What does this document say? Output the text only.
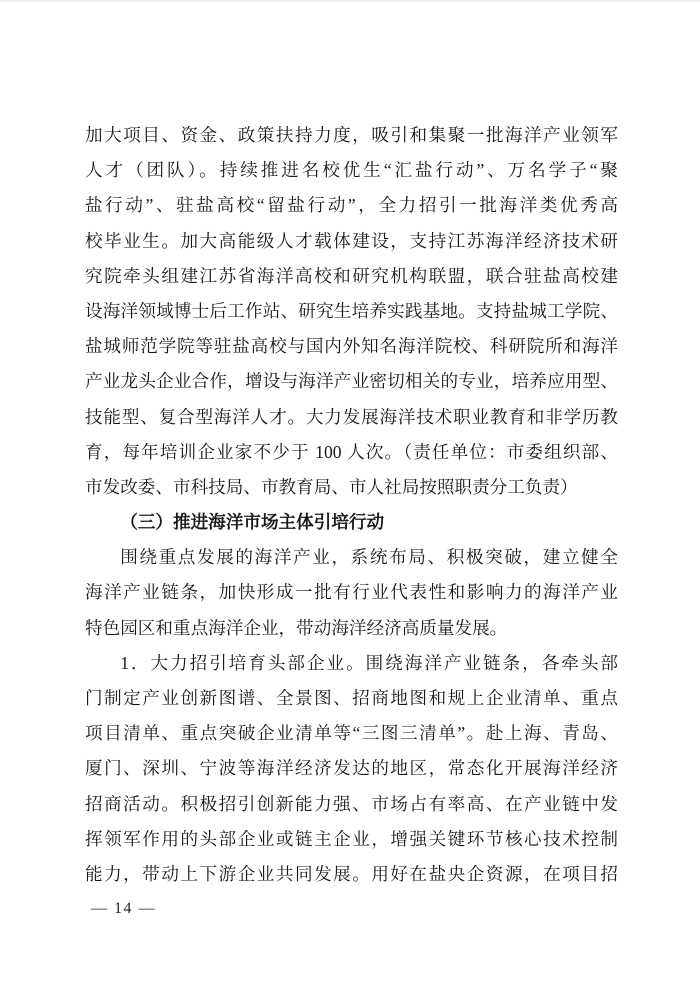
加大项目、资金、政策扶持力度，吸引和集聚一批海洋产业领军
人才（团队）。持续推进名校优生“汇盐行动”、万名学子“聚
盐行动”、驻盐高校“留盐行动”，全力招引一批海洋类优秀高
校毕业生。加大高能级人才载体建设，支持江苏海洋经济技术研
究院牵头组建江苏省海洋高校和研究机构联盟，联合驻盐高校建
设海洋领域博士后工作站、研究生培养实践基地。支持盐城工学院、
盐城师范学院等驻盐高校与国内外知名海洋院校、科研院所和海洋
产业龙头企业合作，增设与海洋产业密切相关的专业，培养应用型、
技能型、复合型海洋人才。大力发展海洋技术职业教育和非学历教
育，每年培训企业家不少于 100 人次。（责任单位：市委组织部、
市发改委、市科技局、市教育局、市人社局按照职责分工负责）
（三）推进海洋市场主体引培行动
围绕重点发展的海洋产业，系统布局、积极突破，建立健全
海洋产业链条，加快形成一批有行业代表性和影响力的海洋产业
特色园区和重点海洋企业，带动海洋经济高质量发展。
1．大力招引培育头部企业。围绕海洋产业链条，各牵头部
门制定产业创新图谱、全景图、招商地图和规上企业清单、重点
项目清单、重点突破企业清单等“三图三清单”。赴上海、青岛、
厦门、深圳、宁波等海洋经济发达的地区，常态化开展海洋经济
招商活动。积极招引创新能力强、市场占有率高、在产业链中发
挥领军作用的头部企业或链主企业，增强关键环节核心技术控制
能力，带动上下游企业共同发展。用好在盐央企资源，在项目招
— 14 —
